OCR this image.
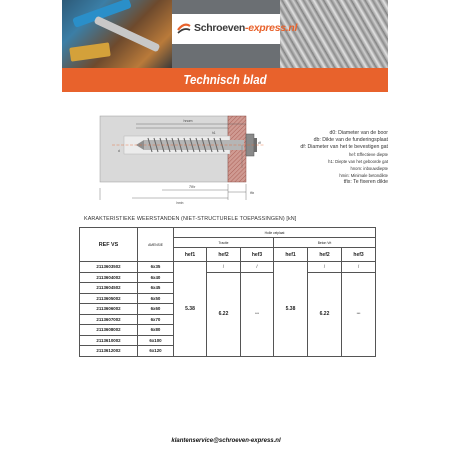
Schroeven-express.nl
Technisch blad
hnom
Tfix
hmin
tfix
df
d
h1	d0: Diameter van de boor
db: Dikte van de funderingsplaat
df: Diameter van het te bevestigen gat
hef: Effectieve diepte
h1: Diepte van het geboorde gat
hnom: inbouwdiepte
hmin: Minimale betondikte
tfix: Te fixeren dikte
KARAKTERISTIEKE WEERSTANDEN (NIET-STRUCTURELE TOEPASSINGEN) [kN]
REF VS	AMENSIE	Holle celplaat					
		Tractie			Beton Vrt		
		hef1	hef2	hef3	hef1	hef2	hef3
2113603502	6x35	5.38	/	/	5.38	/	/
2113604002	6x40		6.22	***		6.22	***
2113604502	6x45						
2113605002	6x50						
2113606002	6x60						
2113607002	6x70						
2113608002	6x80						
2113610002	6x100						
2113612002	6x120						
klantenservice@schroeven-express.nl
